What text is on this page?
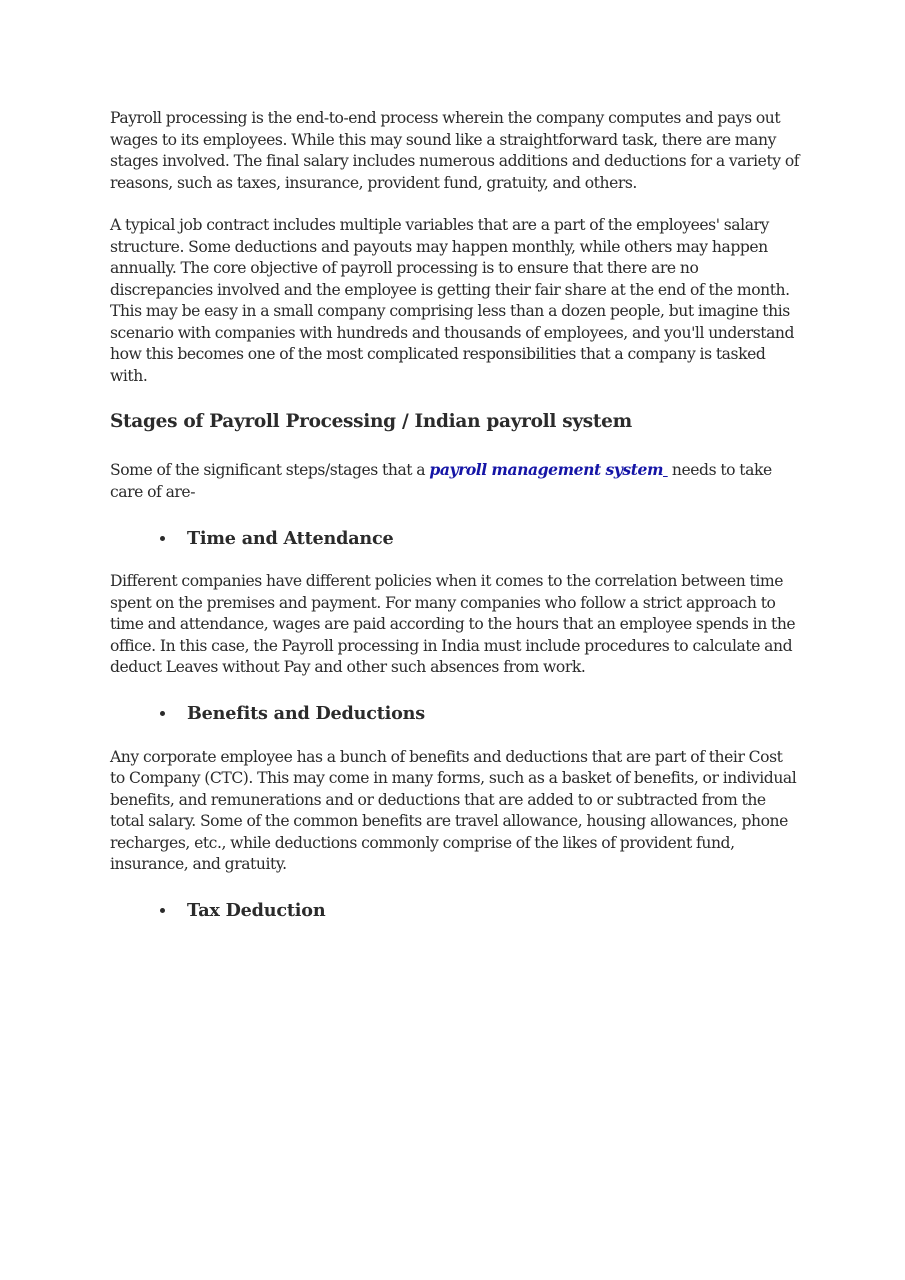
Payroll processing is the end-to-end process wherein the company computes and pays out wages to its employees. While this may sound like a straightforward task, there are many stages involved. The final salary includes numerous additions and deductions for a variety of reasons, such as taxes, insurance, provident fund, gratuity, and others.

A typical job contract includes multiple variables that are a part of the employees' salary structure. Some deductions and payouts may happen monthly, while others may happen annually. The core objective of payroll processing is to ensure that there are no discrepancies involved and the employee is getting their fair share at the end of the month. This may be easy in a small company comprising less than a dozen people, but imagine this scenario with companies with hundreds and thousands of employees, and you'll understand how this becomes one of the most complicated responsibilities that a company is tasked with.

Stages of Payroll Processing / Indian payroll system

Some of the significant steps/stages that a payroll management system  needs to take care of are-

Time and Attendance

Different companies have different policies when it comes to the correlation between time spent on the premises and payment. For many companies who follow a strict approach to time and attendance, wages are paid according to the hours that an employee spends in the office. In this case, the Payroll processing in India must include procedures to calculate and deduct Leaves without Pay and other such absences from work.

Benefits and Deductions

Any corporate employee has a bunch of benefits and deductions that are part of their Cost to Company (CTC). This may come in many forms, such as a basket of benefits, or individual benefits, and remunerations and or deductions that are added to or subtracted from the total salary. Some of the common benefits are travel allowance, housing allowances, phone recharges, etc., while deductions commonly comprise of the likes of provident fund, insurance, and gratuity.

Tax Deduction
